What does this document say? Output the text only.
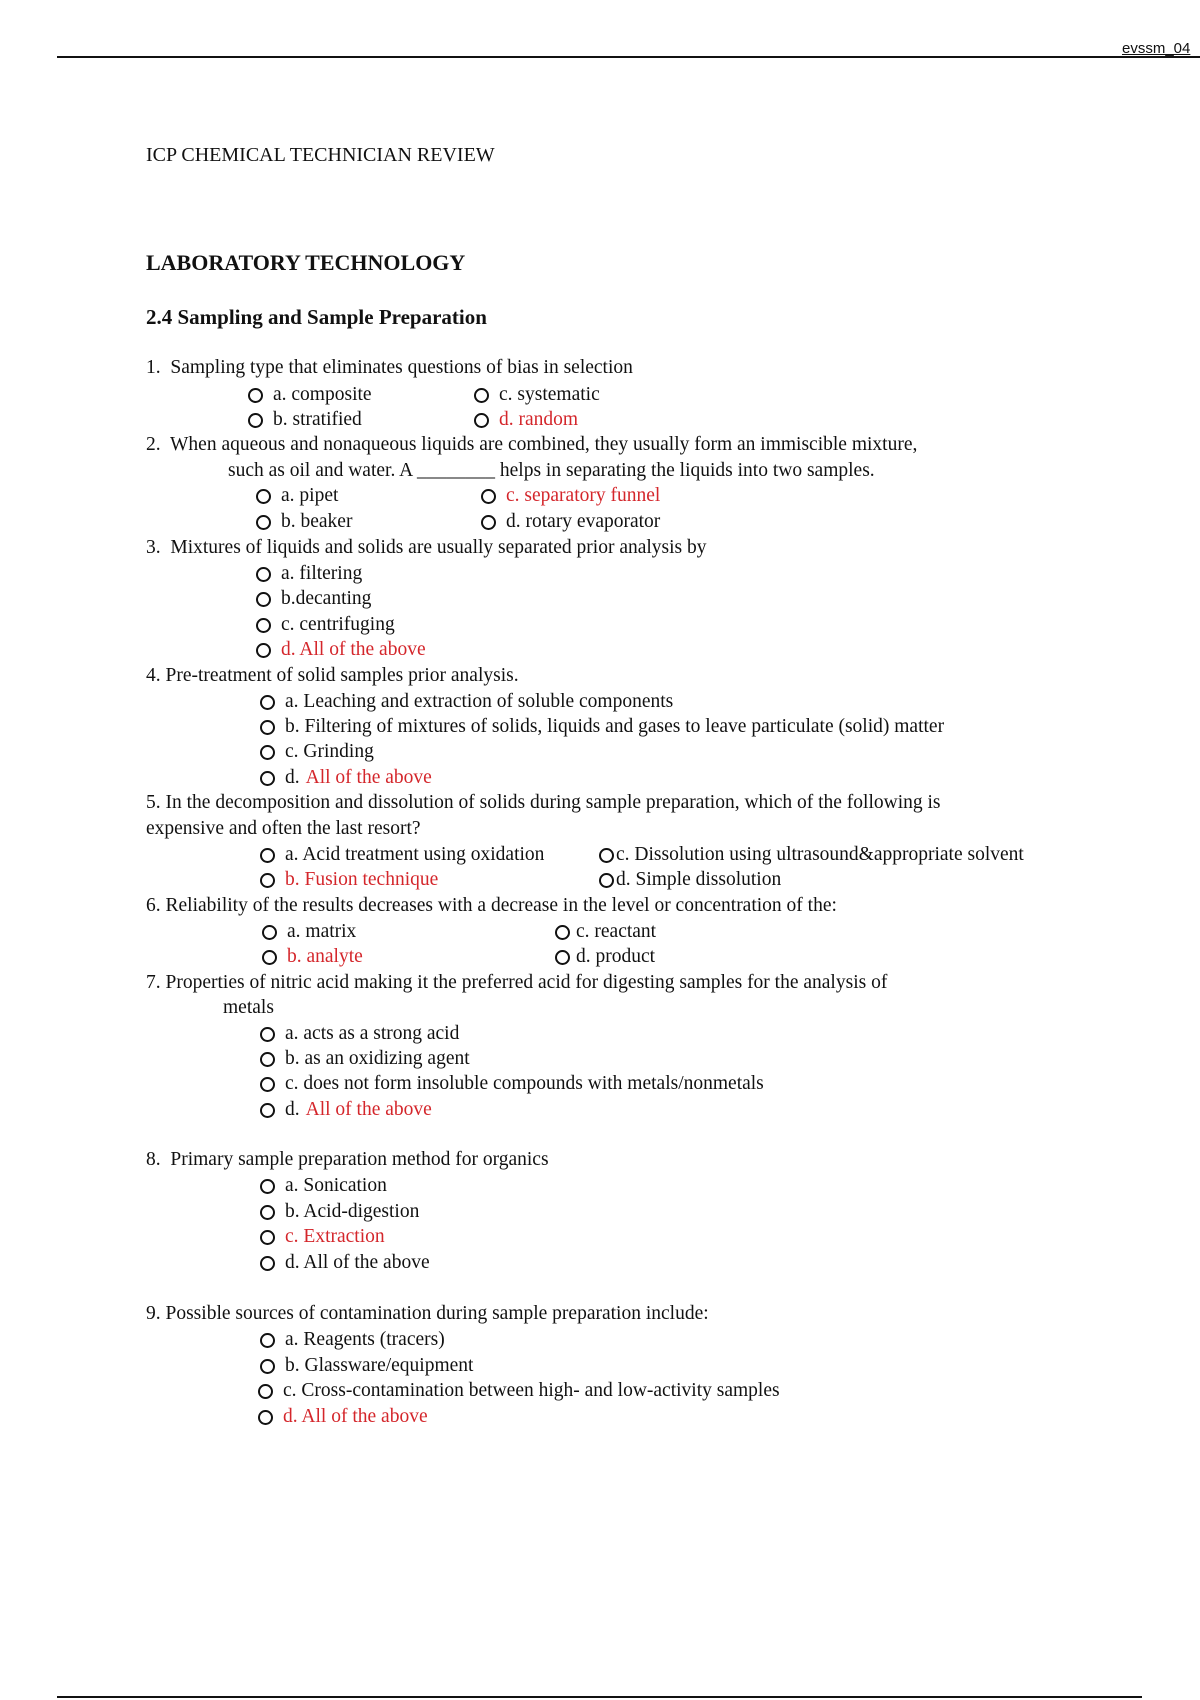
evssm_04
ICP CHEMICAL TECHNICIAN REVIEW
LABORATORY TECHNOLOGY
2.4 Sampling and Sample Preparation
1. Sampling type that eliminates questions of bias in selection
a. composite
b. stratified
c. systematic
d. random
2. When aqueous and nonaqueous liquids are combined, they usually form an immiscible mixture,
such as oil and water. A ________ helps in separating the liquids into two samples.
a. pipet
b. beaker
c. separatory funnel
d. rotary evaporator
3. Mixtures of liquids and solids are usually separated prior analysis by
a. filtering
b.decanting
c. centrifuging
d. All of the above
4. Pre-treatment of solid samples prior analysis.
a. Leaching and extraction of soluble components
b. Filtering of mixtures of solids, liquids and gases to leave particulate (solid) matter
c. Grinding
d. All of the above
5. In the decomposition and dissolution of solids during sample preparation, which of the following is
expensive and often the last resort?
a. Acid treatment using oxidation
b. Fusion technique
c. Dissolution using ultrasound&appropriate solvent
d. Simple dissolution
6. Reliability of the results decreases with a decrease in the level or concentration of the:
a. matrix
b. analyte
c. reactant
d. product
7. Properties of nitric acid making it the preferred acid for digesting samples for the analysis of
metals
a. acts as a strong acid
b. as an oxidizing agent
c. does not form insoluble compounds with metals/nonmetals
d. All of the above
8. Primary sample preparation method for organics
a. Sonication
b. Acid-digestion
c. Extraction
d. All of the above
9. Possible sources of contamination during sample preparation include:
a. Reagents (tracers)
b. Glassware/equipment
c. Cross-contamination between high- and low-activity samples
d. All of the above
